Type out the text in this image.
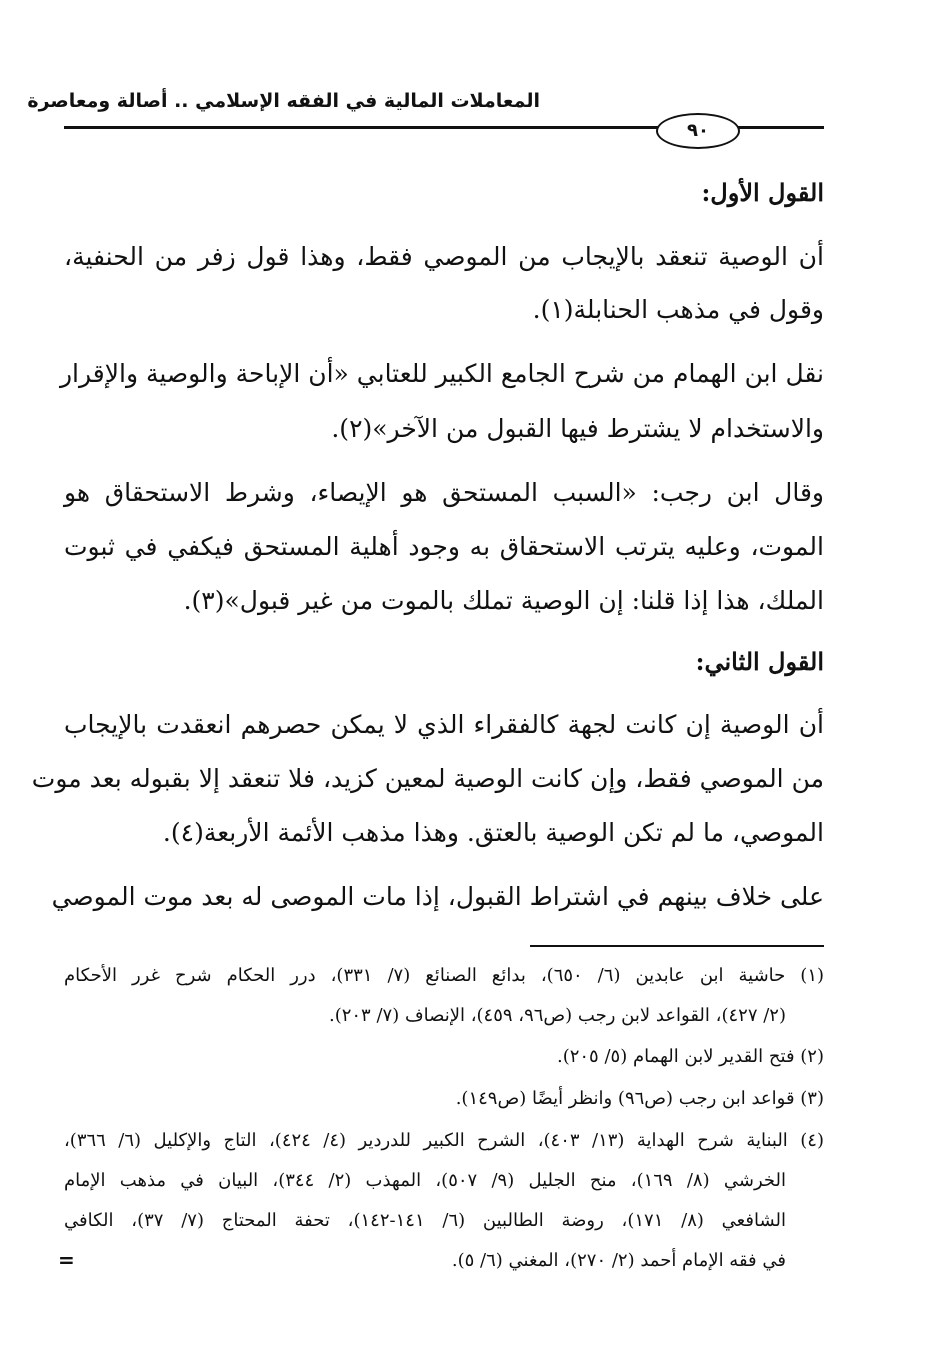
المعاملات المالية في الفقه الإسلامي .. أصالة ومعاصرة
٩٠
القول الأول:
أن الوصية تنعقد بالإيجاب من الموصي فقط، وهذا قول زفر من الحنفية،
وقول في مذهب الحنابلة(١).
نقل ابن الهمام من شرح الجامع الكبير للعتابي «أن الإباحة والوصية والإقرار
والاستخدام لا يشترط فيها القبول من الآخر»(٢).
وقال ابن رجب: «السبب المستحق هو الإيصاء، وشرط الاستحقاق هو
الموت، وعليه يترتب الاستحقاق به وجود أهلية المستحق فيكفي في ثبوت
الملك، هذا إذا قلنا: إن الوصية تملك بالموت من غير قبول»(٣).
القول الثاني:
أن الوصية إن كانت لجهة كالفقراء الذي لا يمكن حصرهم انعقدت بالإيجاب
من الموصي فقط، وإن كانت الوصية لمعين كزيد، فلا تنعقد إلا بقبوله بعد موت
الموصي، ما لم تكن الوصية بالعتق. وهذا مذهب الأئمة الأربعة(٤).
على خلاف بينهم في اشتراط القبول، إذا مات الموصى له بعد موت الموصي
(١) حاشية ابن عابدين (٦/ ٦٥٠)، بدائع الصنائع (٧/ ٣٣١)، درر الحكام شرح غرر الأحكام
(٢/ ٤٢٧)، القواعد لابن رجب (ص٩٦، ٤٥٩)، الإنصاف (٧/ ٢٠٣).
(٢) فتح القدير لابن الهمام (٥/ ٢٠٥).
(٣) قواعد ابن رجب (ص٩٦) وانظر أيضًا (ص١٤٩).
(٤) البناية شرح الهداية (١٣/ ٤٠٣)، الشرح الكبير للدردير (٤/ ٤٢٤)، التاج والإكليل (٦/ ٣٦٦)،
الخرشي (٨/ ١٦٩)، منح الجليل (٩/ ٥٠٧)، المهذب (٢/ ٣٤٤)، البيان في مذهب الإمام
الشافعي (٨/ ١٧١)، روضة الطالبين (٦/ ١٤١-١٤٢)، تحفة المحتاج (٧/ ٣٧)، الكافي
في فقه الإمام أحمد (٢/ ٢٧٠)، المغني (٦/ ٥).
=
